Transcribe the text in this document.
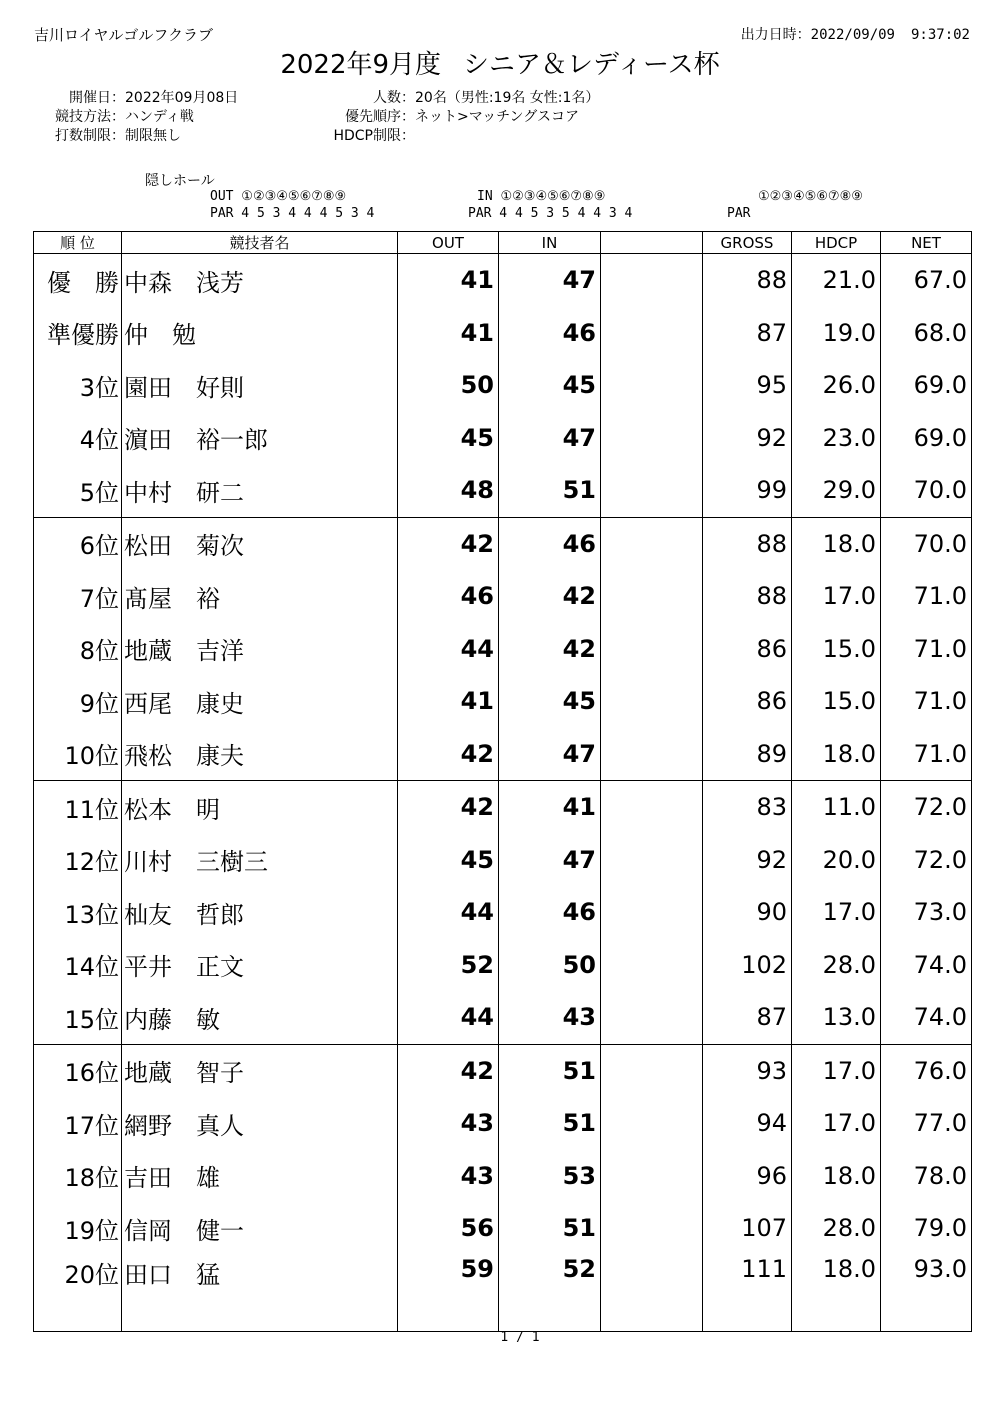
吉川ロイヤルゴルフクラブ	出力日時：2022/09/09 9:37:02
2022年9月度 シニア＆レディース杯
開催日：2022年09月08日
競技方法：ハンディ戦
打数制限：制限無し
人数：20名（男性:19名 女性:1名）
優先順序：ネット>マッチングスコア
HDCP制限：
隠しホール
OUT ①②③④⑤⑥⑦⑧⑨
PAR 4 5 3 4 4 4 5 3 4
IN ①②③④⑤⑥⑦⑧⑨
PAR 4 4 5 3 5 4 4 3 4
①②③④⑤⑥⑦⑧⑨
PAR
順 位	競技者名	OUT	IN		GROSS	HDCP	NET
優　勝	中森　浅芳	41	47		88	21.0	67.0
準優勝	仲　勉	41	46		87	19.0	68.0
3位	園田　好則	50	45		95	26.0	69.0
4位	濵田　裕一郎	45	47		92	23.0	69.0
5位	中村　研二	48	51		99	29.0	70.0
6位	松田　菊次	42	46		88	18.0	70.0
7位	髙屋　裕	46	42		88	17.0	71.0
8位	地蔵　吉洋	44	42		86	15.0	71.0
9位	西尾　康史	41	45		86	15.0	71.0
10位	飛松　康夫	42	47		89	18.0	71.0
11位	松本　明	42	41		83	11.0	72.0
12位	川村　三樹三	45	47		92	20.0	72.0
13位	杣友　哲郎	44	46		90	17.0	73.0
14位	平井　正文	52	50		102	28.0	74.0
15位	内藤　敏	44	43		87	13.0	74.0
16位	地蔵　智子	42	51		93	17.0	76.0
17位	網野　真人	43	51		94	17.0	77.0
18位	吉田　雄	43	53		96	18.0	78.0
19位	信岡　健一	56	51		107	28.0	79.0
20位	田口　猛	59	52		111	18.0	93.0
1 / 1
